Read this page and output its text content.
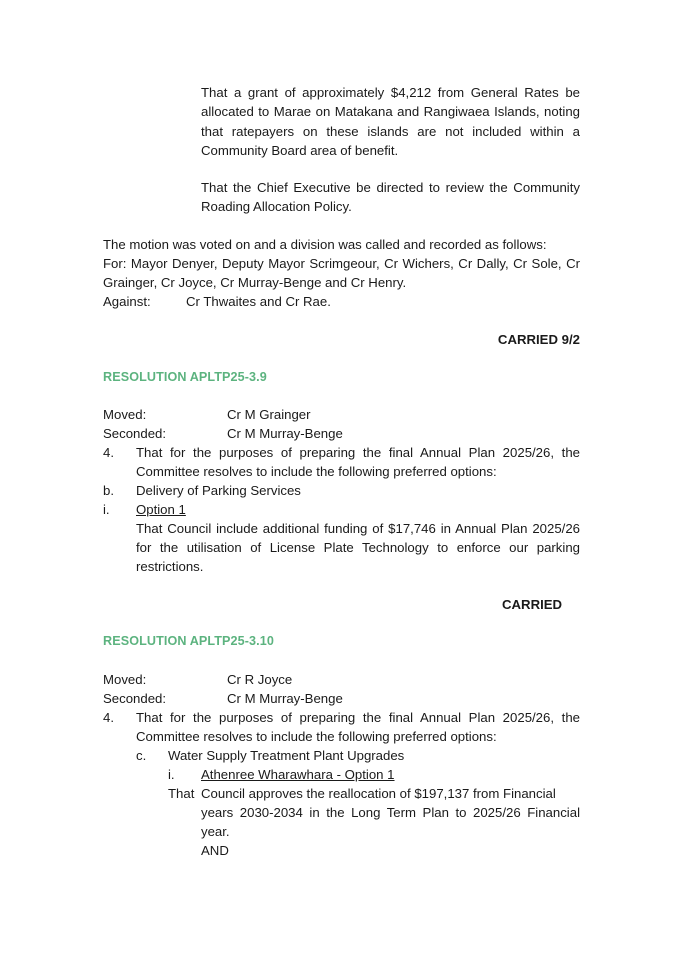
That a grant of approximately $4,212 from General Rates be allocated to Marae on Matakana and Rangiwaea Islands, noting that ratepayers on these islands are not included within a Community Board area of benefit.

That the Chief Executive be directed to review the Community Roading Allocation Policy.

The motion was voted on and a division was called and recorded as follows:

For: Mayor Denyer, Deputy Mayor Scrimgeour, Cr Wichers, Cr Dally, Cr Sole, Cr Grainger, Cr Joyce, Cr Murray-Benge and Cr Henry.

Against:	Cr Thwaites and Cr Rae.
CARRIED 9/2
RESOLUTION APLTP25-3.9
Moved:	Cr M Grainger
Seconded:	Cr M Murray-Benge
4. That for the purposes of preparing the final Annual Plan 2025/26, the Committee resolves to include the following preferred options:

b. Delivery of Parking Services
i. Option 1

That Council include additional funding of $17,746 in Annual Plan 2025/26 for the utilisation of License Plate Technology to enforce our parking restrictions.

CARRIED
RESOLUTION APLTP25-3.10
Moved:	Cr R Joyce
Seconded:	Cr M Murray-Benge
4. That for the purposes of preparing the final Annual Plan 2025/26, the Committee resolves to include the following preferred options:

c. Water Supply Treatment Plant Upgrades
i. Athenree Wharawhara - Option 1
That Council approves the reallocation of $197,137 from Financial

years 2030-2034 in the Long Term Plan to 2025/26 Financial year.

AND
